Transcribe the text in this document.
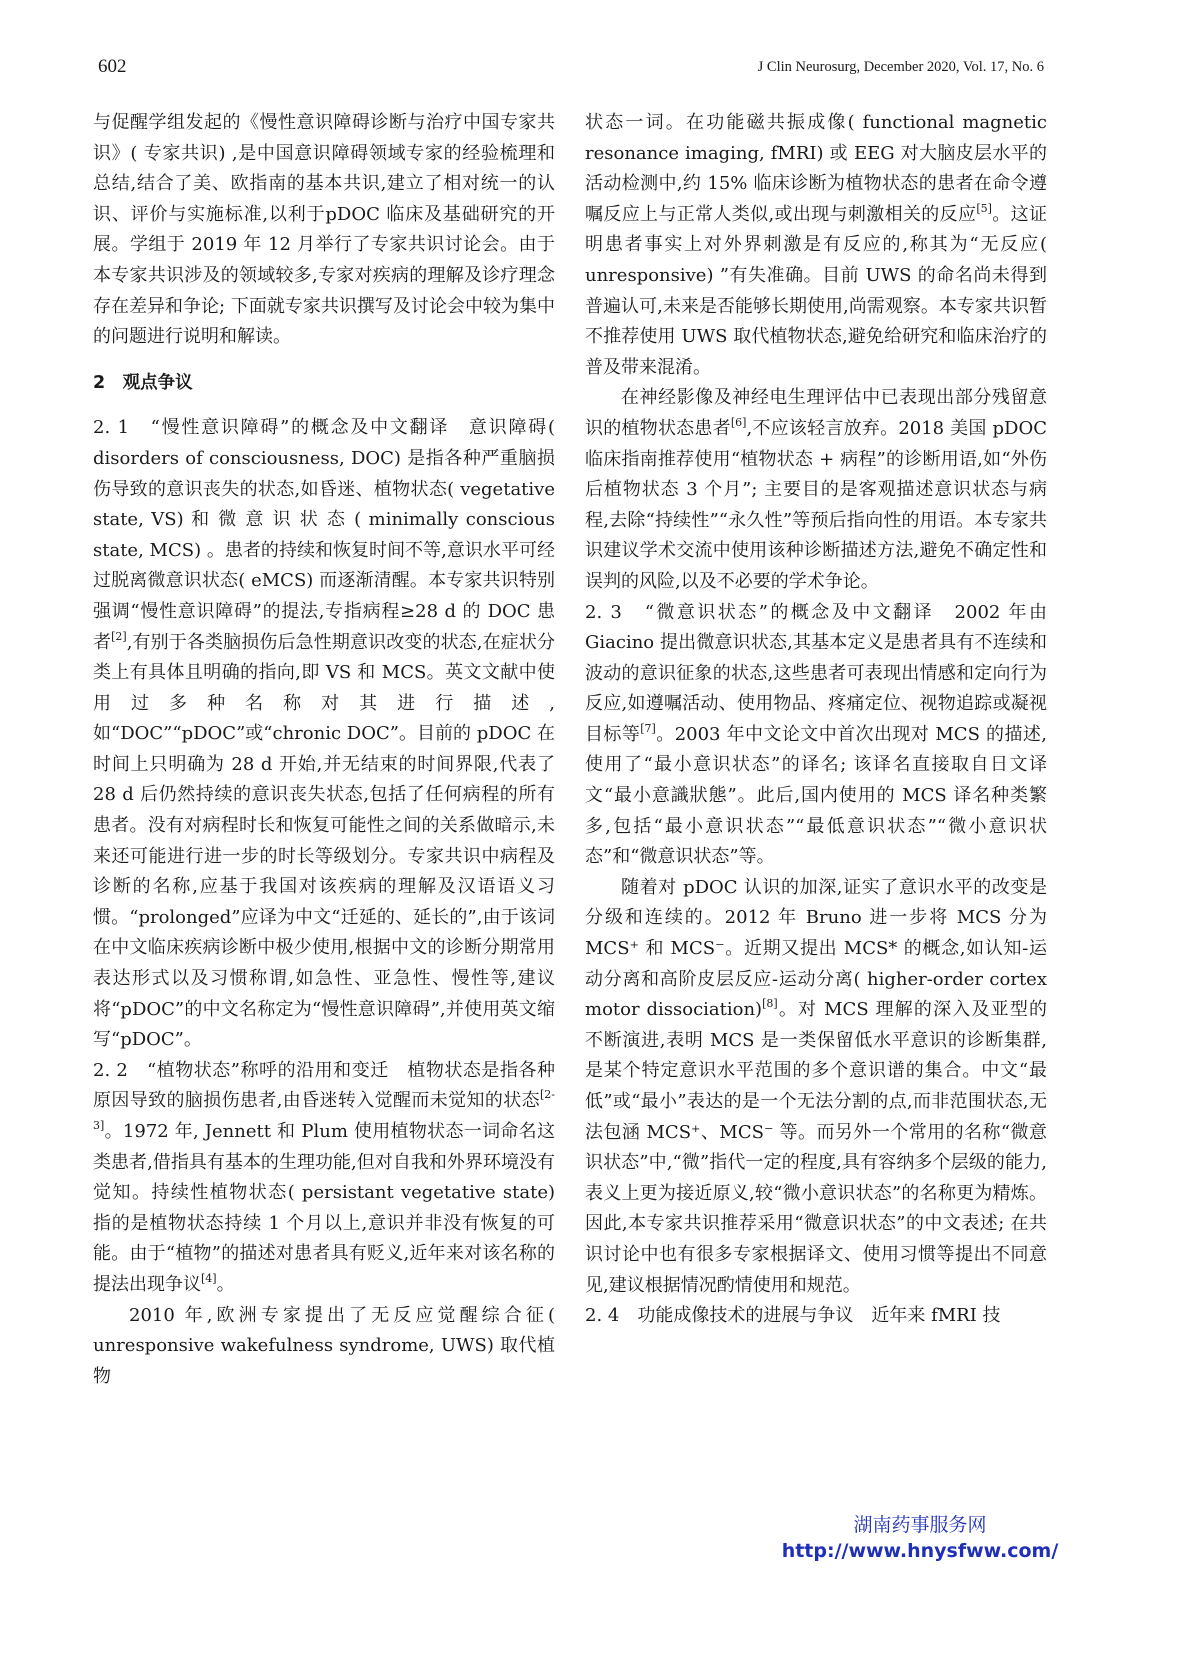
602	J Clin Neurosurg, December 2020, Vol. 17, No. 6

与促醒学组发起的《慢性意识障碍诊断与治疗中国专家共识》( 专家共识) ,是中国意识障碍领域专家的经验梳理和总结,结合了美、欧指南的基本共识,建立了相对统一的认识、评价与实施标准,以利于pDOC 临床及基础研究的开展。学组于 2019 年 12 月举行了专家共识讨论会。由于本专家共识涉及的领域较多,专家对疾病的理解及诊疗理念存在差异和争论; 下面就专家共识撰写及讨论会中较为集中的问题进行说明和解读。

2　观点争议

2. 1　“慢性意识障碍”的概念及中文翻译　意识障碍( disorders of consciousness, DOC) 是指各种严重脑损伤导致的意识丧失的状态,如昏迷、植物状态( vegetative state, VS) 和 微 意 识 状 态 ( minimally conscious state, MCS) 。患者的持续和恢复时间不等,意识水平可经过脱离微意识状态( eMCS) 而逐渐清醒。本专家共识特别强调“慢性意识障碍”的提法,专指病程≥28 d 的 DOC 患者[2],有别于各类脑损伤后急性期意识改变的状态,在症状分类上有具体且明确的指向,即 VS 和 MCS。英文文献中使用过多种名称对其进行描述,如“DOC”“pDOC”或“chronic DOC”。目前的 pDOC 在时间上只明确为 28 d 开始,并无结束的时间界限,代表了 28 d 后仍然持续的意识丧失状态,包括了任何病程的所有患者。没有对病程时长和恢复可能性之间的关系做暗示,未来还可能进行进一步的时长等级划分。专家共识中病程及诊断的名称,应基于我国对该疾病的理解及汉语语义习惯。“prolonged”应译为中文“迁延的、延长的”,由于该词在中文临床疾病诊断中极少使用,根据中文的诊断分期常用表达形式以及习惯称谓,如急性、亚急性、慢性等,建议将“pDOC”的中文名称定为“慢性意识障碍”,并使用英文缩写“pDOC”。

2. 2　“植物状态”称呼的沿用和变迁　植物状态是指各种原因导致的脑损伤患者,由昏迷转入觉醒而未觉知的状态[2-3]。1972 年, Jennett 和 Plum 使用植物状态一词命名这类患者,借指具有基本的生理功能,但对自我和外界环境没有觉知。持续性植物状态( persistant vegetative state) 指的是植物状态持续 1 个月以上,意识并非没有恢复的可能。由于“植物”的描述对患者具有贬义,近年来对该名称的提法出现争议[4]。

2010 年,欧洲专家提出了无反应觉醒综合征( unresponsive wakefulness syndrome, UWS) 取代植物

状态一词。在功能磁共振成像( functional magnetic resonance imaging, fMRI) 或 EEG 对大脑皮层水平的活动检测中,约 15% 临床诊断为植物状态的患者在命令遵嘱反应上与正常人类似,或出现与刺激相关的反应[5]。这证明患者事实上对外界刺激是有反应的,称其为“无反应( unresponsive) ”有失准确。目前 UWS 的命名尚未得到普遍认可,未来是否能够长期使用,尚需观察。本专家共识暂不推荐使用 UWS 取代植物状态,避免给研究和临床治疗的普及带来混淆。

在神经影像及神经电生理评估中已表现出部分残留意识的植物状态患者[6],不应该轻言放弃。2018 美国 pDOC 临床指南推荐使用“植物状态 + 病程”的诊断用语,如“外伤后植物状态 3 个月”; 主要目的是客观描述意识状态与病程,去除“持续性”“永久性”等预后指向性的用语。本专家共识建议学术交流中使用该种诊断描述方法,避免不确定性和误判的风险,以及不必要的学术争论。

2. 3　“微意识状态”的概念及中文翻译　2002 年由 Giacino 提出微意识状态,其基本定义是患者具有不连续和波动的意识征象的状态,这些患者可表现出情感和定向行为反应,如遵嘱活动、使用物品、疼痛定位、视物追踪或凝视目标等[7]。2003 年中文论文中首次出现对 MCS 的描述,使用了“最小意识状态”的译名; 该译名直接取自日文译文“最小意識狀態”。此后,国内使用的 MCS 译名种类繁多,包括“最小意识状态”“最低意识状态”“微小意识状态”和“微意识状态”等。

随着对 pDOC 认识的加深,证实了意识水平的改变是分级和连续的。2012 年 Bruno 进一步将 MCS 分为 MCS⁺ 和 MCS⁻。近期又提出 MCS* 的概念,如认知-运动分离和高阶皮层反应-运动分离( higher-order cortex motor dissociation)[8]。对 MCS 理解的深入及亚型的不断演进,表明 MCS 是一类保留低水平意识的诊断集群,是某个特定意识水平范围的多个意识谱的集合。中文“最低”或“最小”表达的是一个无法分割的点,而非范围状态,无法包涵 MCS⁺、MCS⁻ 等。而另外一个常用的名称“微意识状态”中,“微”指代一定的程度,具有容纳多个层级的能力,表义上更为接近原义,较“微小意识状态”的名称更为精炼。因此,本专家共识推荐采用“微意识状态”的中文表述; 在共识讨论中也有很多专家根据译文、使用习惯等提出不同意见,建议根据情况酌情使用和规范。

2. 4　功能成像技术的进展与争议　近年来 fMRI 技

湖南药事服务网
http://www.hnysfww.com/
